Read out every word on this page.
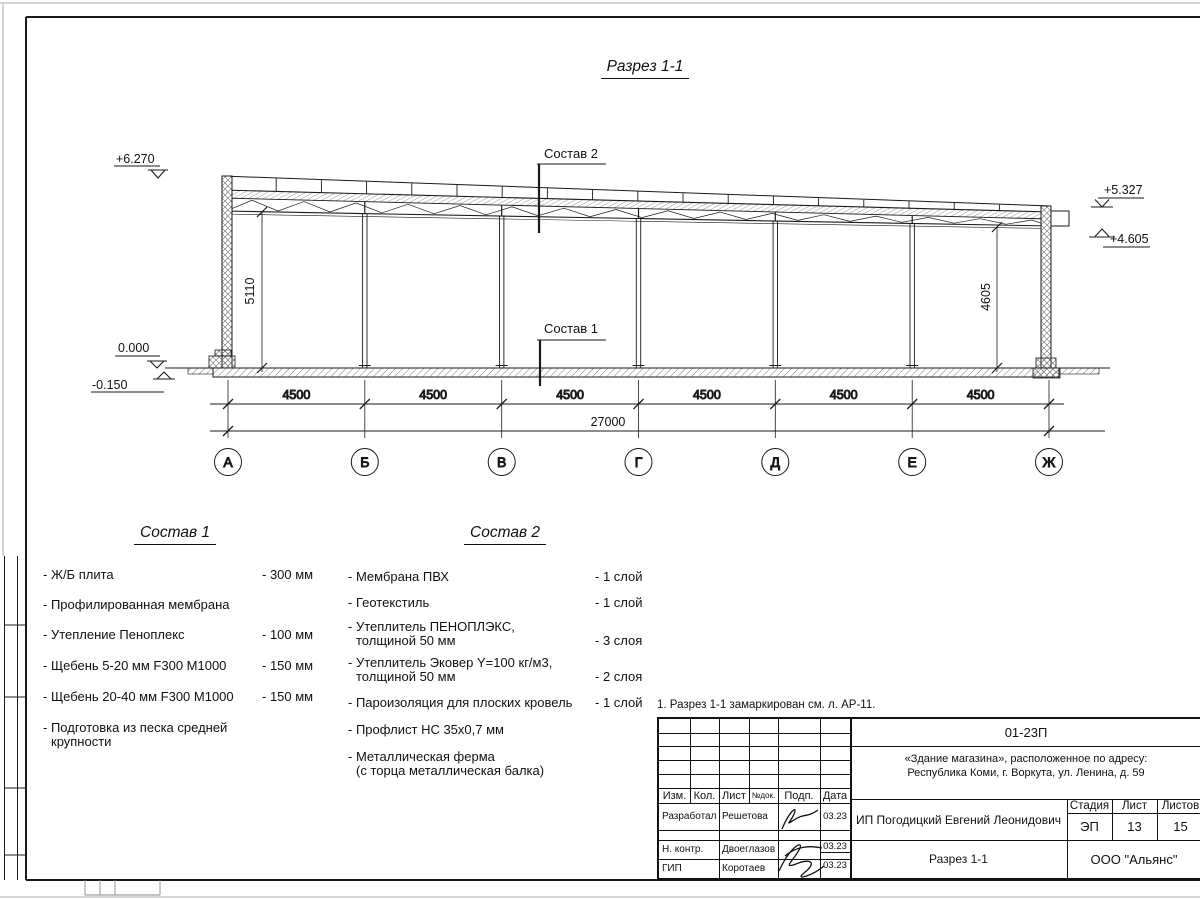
Состав 2
Состав 1
+6.270
0.000
-0.150
+5.327
+4.605
5110	4605
27000
4500	4500	4500	4500	4500	4500
А	Б	В	Г	Д	Е	Ж
Разрез 1-1
Состав 1	Состав 2
- Ж/Б плита	- 300 мм
- Профилированная мембрана
- Утепление Пеноплекс	- 100 мм
- Щебень 5-20 мм F300 М1000	- 150 мм
- Щебень 20-40 мм F300 М1000 - 150 мм
- Подготовка из песка средней
крупности
- Мембрана ПВХ	- 1 слой
- Геотекстиль	- 1 слой
- Утеплитель ПЕНОПЛЭКС,
толщиной 50 мм	- 3 слоя
- Утеплитель Эковер Y=100 кг/м3,
толщиной 50 мм	- 2 слоя
- Пароизоляция для плоских кровель - 1 слой
- Профлист НС 35х0,7 мм
- Металлическая ферма
(с торца металлическая балка)
1. Разрез 1-1 замаркирован см. л. АР-11.
Изм. Кол. Лист №док. Подп. Дата
Разработал Решетова	03.23
Н. контр.	Двоеглазов	03.23
ГИП	Коротаев	03.23
01-23П
«Здание магазина», расположенное по адресу:
Республика Коми, г. Воркута, ул. Ленина, д. 59
ИП Погодицкий Евгений Леонидович
Стадия	Лист	Листов
ЭП	13	15
Разрез 1-1	ООО "Альянс"
